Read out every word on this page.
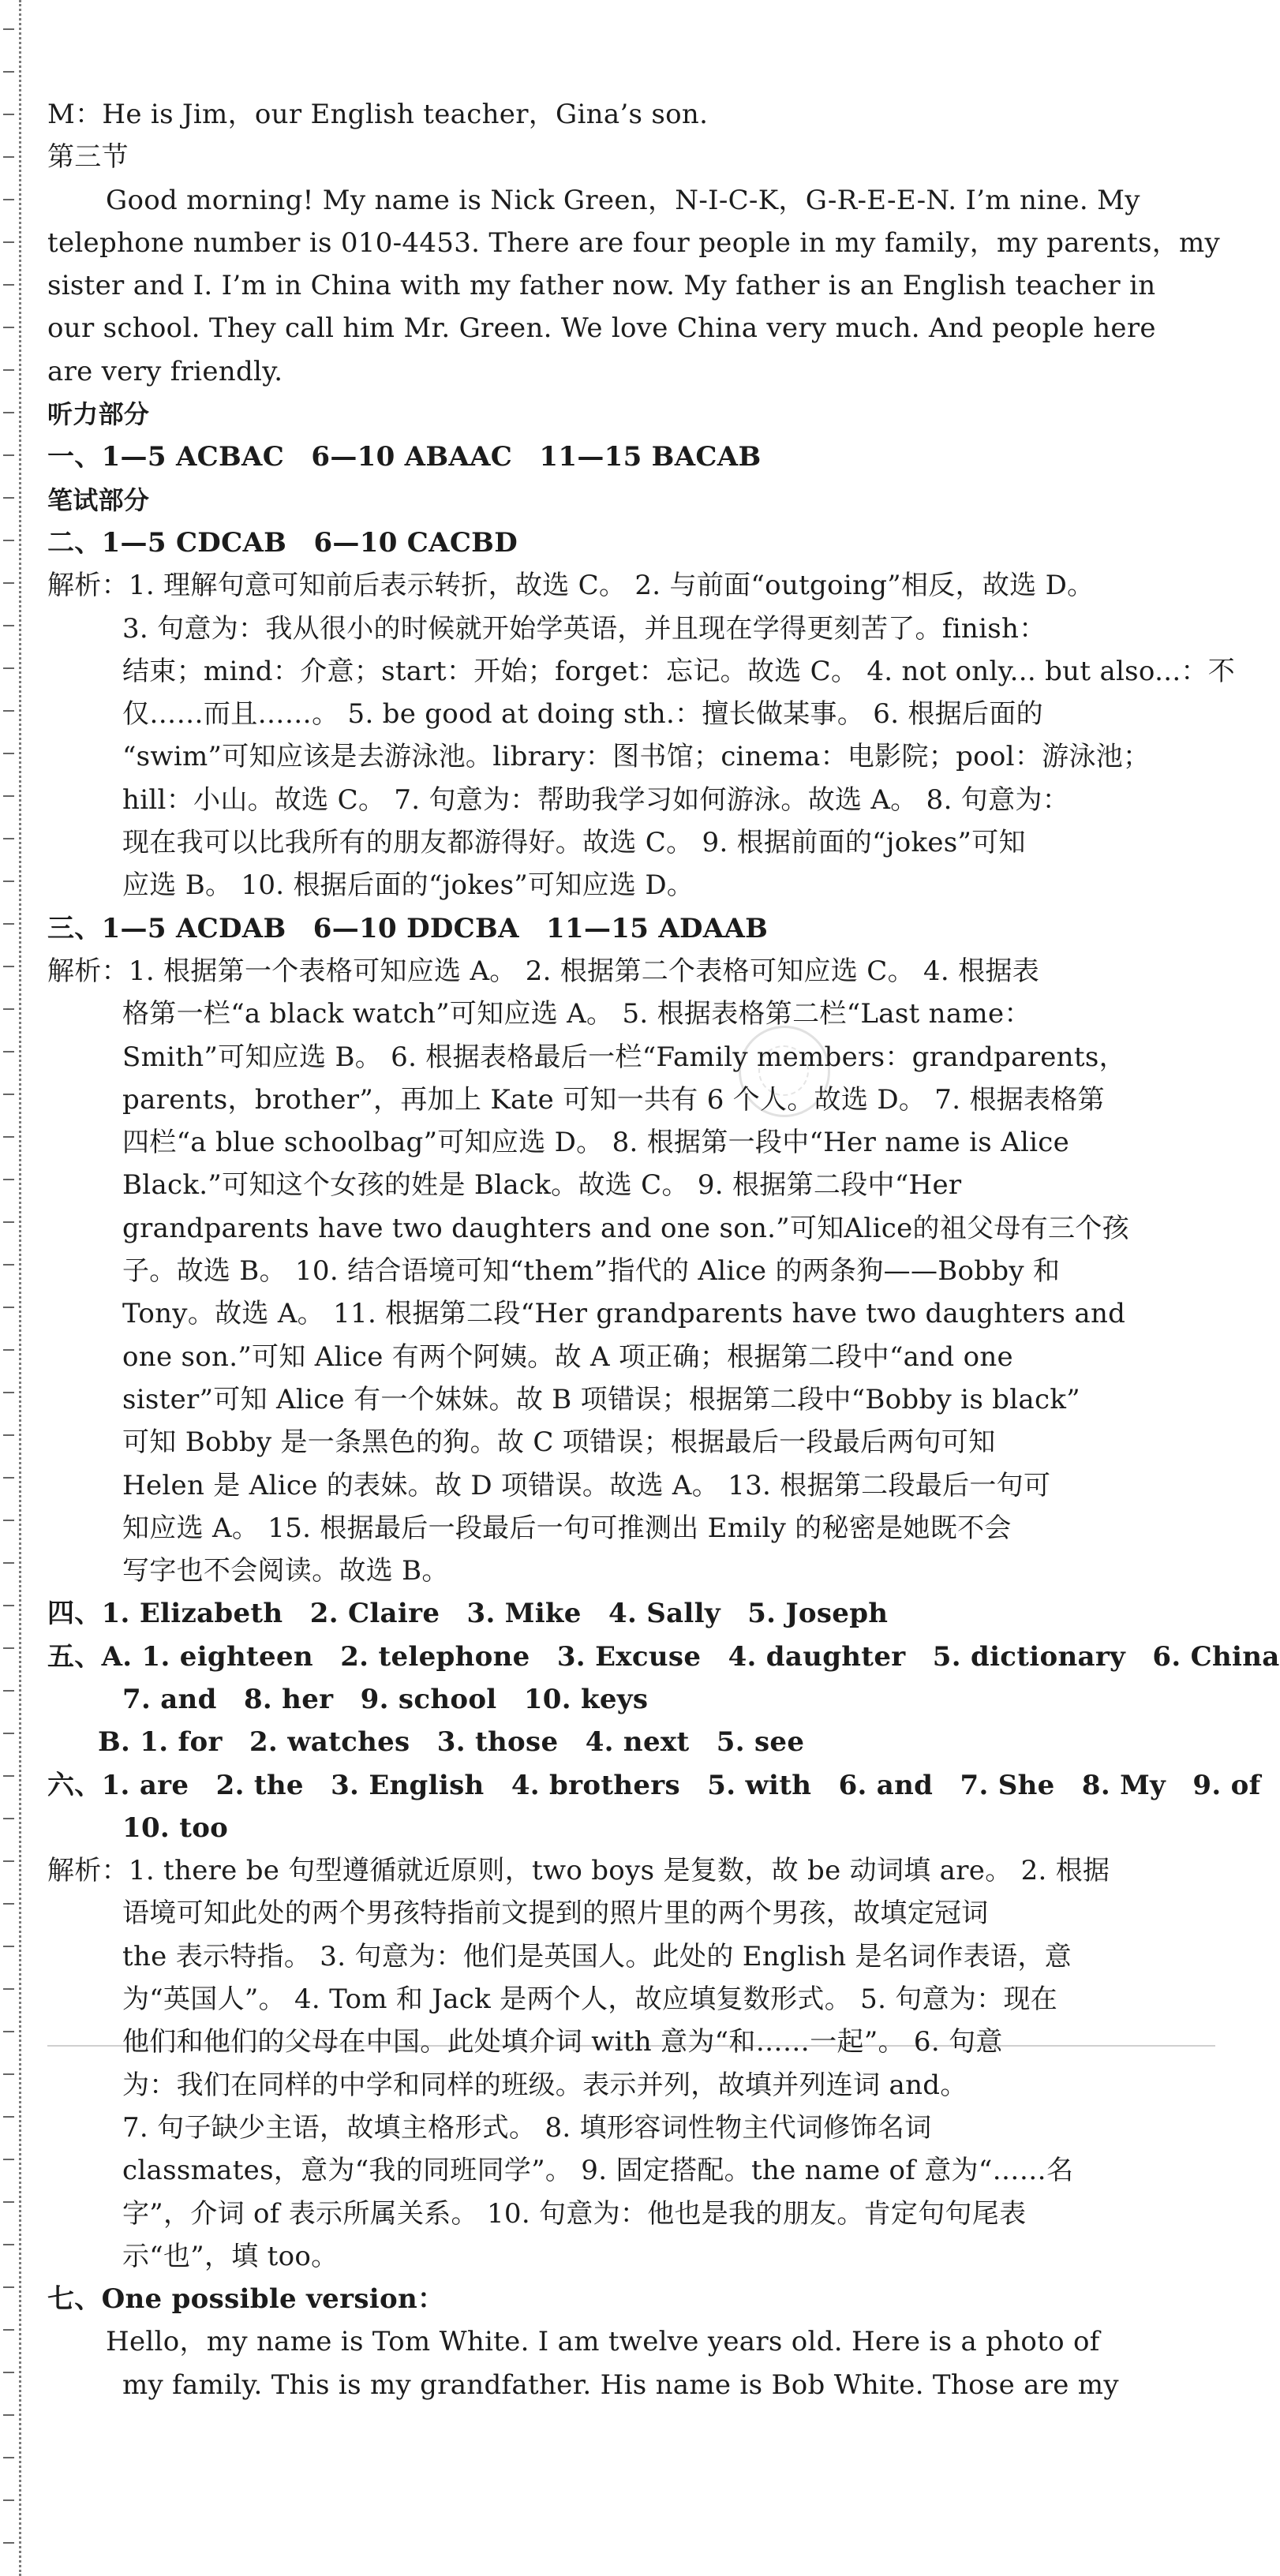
M：He is Jim，our English teacher，Gina’s son.
第三节
Good morning! My name is Nick Green，N-I-C-K，G-R-E-E-N. I’m nine. My
telephone number is 010-4453. There are four people in my family，my parents，my
sister and I. I’m in China with my father now. My father is an English teacher in
our school. They call him Mr. Green. We love China very much. And people here
are very friendly.
听力部分
一、1—5 ACBAC　6—10 ABAAC　11—15 BACAB
笔试部分
二、1—5 CDCAB　6—10 CACBD
解析：1. 理解句意可知前后表示转折，故选 C。 2. 与前面“outgoing”相反，故选 D。
3. 句意为：我从很小的时候就开始学英语，并且现在学得更刻苦了。finish：
结束；mind：介意；start：开始；forget：忘记。故选 C。 4. not only... but also...：不
仅……而且……。 5. be good at doing sth.：擅长做某事。 6. 根据后面的
“swim”可知应该是去游泳池。library：图书馆；cinema：电影院；pool：游泳池；
hill：小山。故选 C。 7. 句意为：帮助我学习如何游泳。故选 A。 8. 句意为：
现在我可以比我所有的朋友都游得好。故选 C。 9. 根据前面的“jokes”可知
应选 B。 10. 根据后面的“jokes”可知应选 D。
三、1—5 ACDAB　6—10 DDCBA　11—15 ADAAB
解析：1. 根据第一个表格可知应选 A。 2. 根据第二个表格可知应选 C。 4. 根据表
格第一栏“a black watch”可知应选 A。 5. 根据表格第二栏“Last name：
Smith”可知应选 B。 6. 根据表格最后一栏“Family members：grandparents，
parents，brother”，再加上 Kate 可知一共有 6 个人。故选 D。 7. 根据表格第
四栏“a blue schoolbag”可知应选 D。 8. 根据第一段中“Her name is Alice
Black.”可知这个女孩的姓是 Black。故选 C。 9. 根据第二段中“Her
grandparents have two daughters and one son.”可知Alice的祖父母有三个孩
子。故选 B。 10. 结合语境可知“them”指代的 Alice 的两条狗——Bobby 和
Tony。故选 A。 11. 根据第二段“Her grandparents have two daughters and
one son.”可知 Alice 有两个阿姨。故 A 项正确；根据第二段中“and one
sister”可知 Alice 有一个妹妹。故 B 项错误；根据第二段中“Bobby is black”
可知 Bobby 是一条黑色的狗。故 C 项错误；根据最后一段最后两句可知
Helen 是 Alice 的表妹。故 D 项错误。故选 A。 13. 根据第二段最后一句可
知应选 A。 15. 根据最后一段最后一句可推测出 Emily 的秘密是她既不会
写字也不会阅读。故选 B。
四、1. Elizabeth　2. Claire　3. Mike　4. Sally　5. Joseph
五、A. 1. eighteen　2. telephone　3. Excuse　4. daughter　5. dictionary　6. China
7. and　8. her　9. school　10. keys
B. 1. for　2. watches　3. those　4. next　5. see
六、1. are　2. the　3. English　4. brothers　5. with　6. and　7. She　8. My　9. of
10. too
解析：1. there be 句型遵循就近原则，two boys 是复数，故 be 动词填 are。 2. 根据
语境可知此处的两个男孩特指前文提到的照片里的两个男孩，故填定冠词
the 表示特指。 3. 句意为：他们是英国人。此处的 English 是名词作表语，意
为“英国人”。 4. Tom 和 Jack 是两个人，故应填复数形式。 5. 句意为：现在
他们和他们的父母在中国。此处填介词 with 意为“和……一起”。 6. 句意
为：我们在同样的中学和同样的班级。表示并列，故填并列连词 and。
7. 句子缺少主语，故填主格形式。 8. 填形容词性物主代词修饰名词
classmates，意为“我的同班同学”。 9. 固定搭配。the name of 意为“……名
字”，介词 of 表示所属关系。 10. 句意为：他也是我的朋友。肯定句句尾表
示“也”，填 too。
七、One possible version：
Hello，my name is Tom White. I am twelve years old. Here is a photo of
my family. This is my grandfather. His name is Bob White. Those are my
